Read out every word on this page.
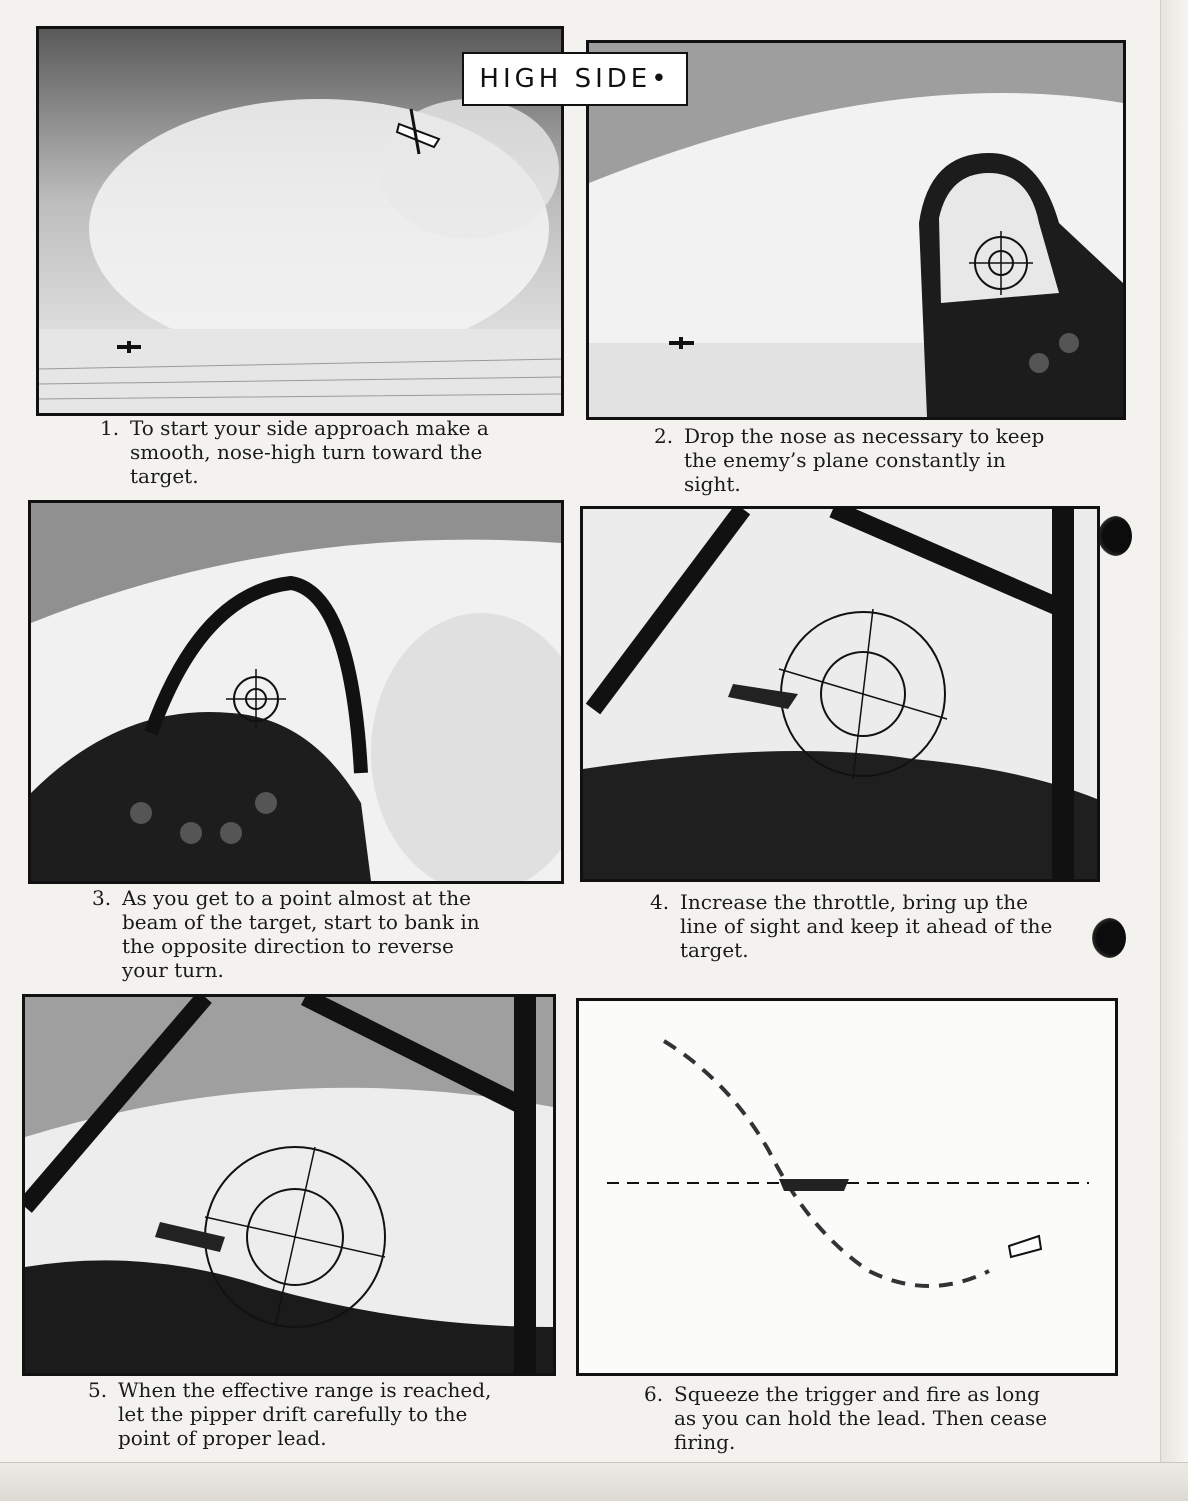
HIGH SIDE•
1. To start your side approach make a smooth, nose-high turn toward the target.
2. Drop the nose as necessary to keep the enemy’s plane constantly in sight.
3. As you get to a point almost at the beam of the target, start to bank in the opposite direction to reverse your turn.
4. Increase the throttle, bring up the line of sight and keep it ahead of the target.
5. When the effective range is reached, let the pipper drift carefully to the point of proper lead.
6. Squeeze the trigger and fire as long as you can hold the lead. Then cease firing.
